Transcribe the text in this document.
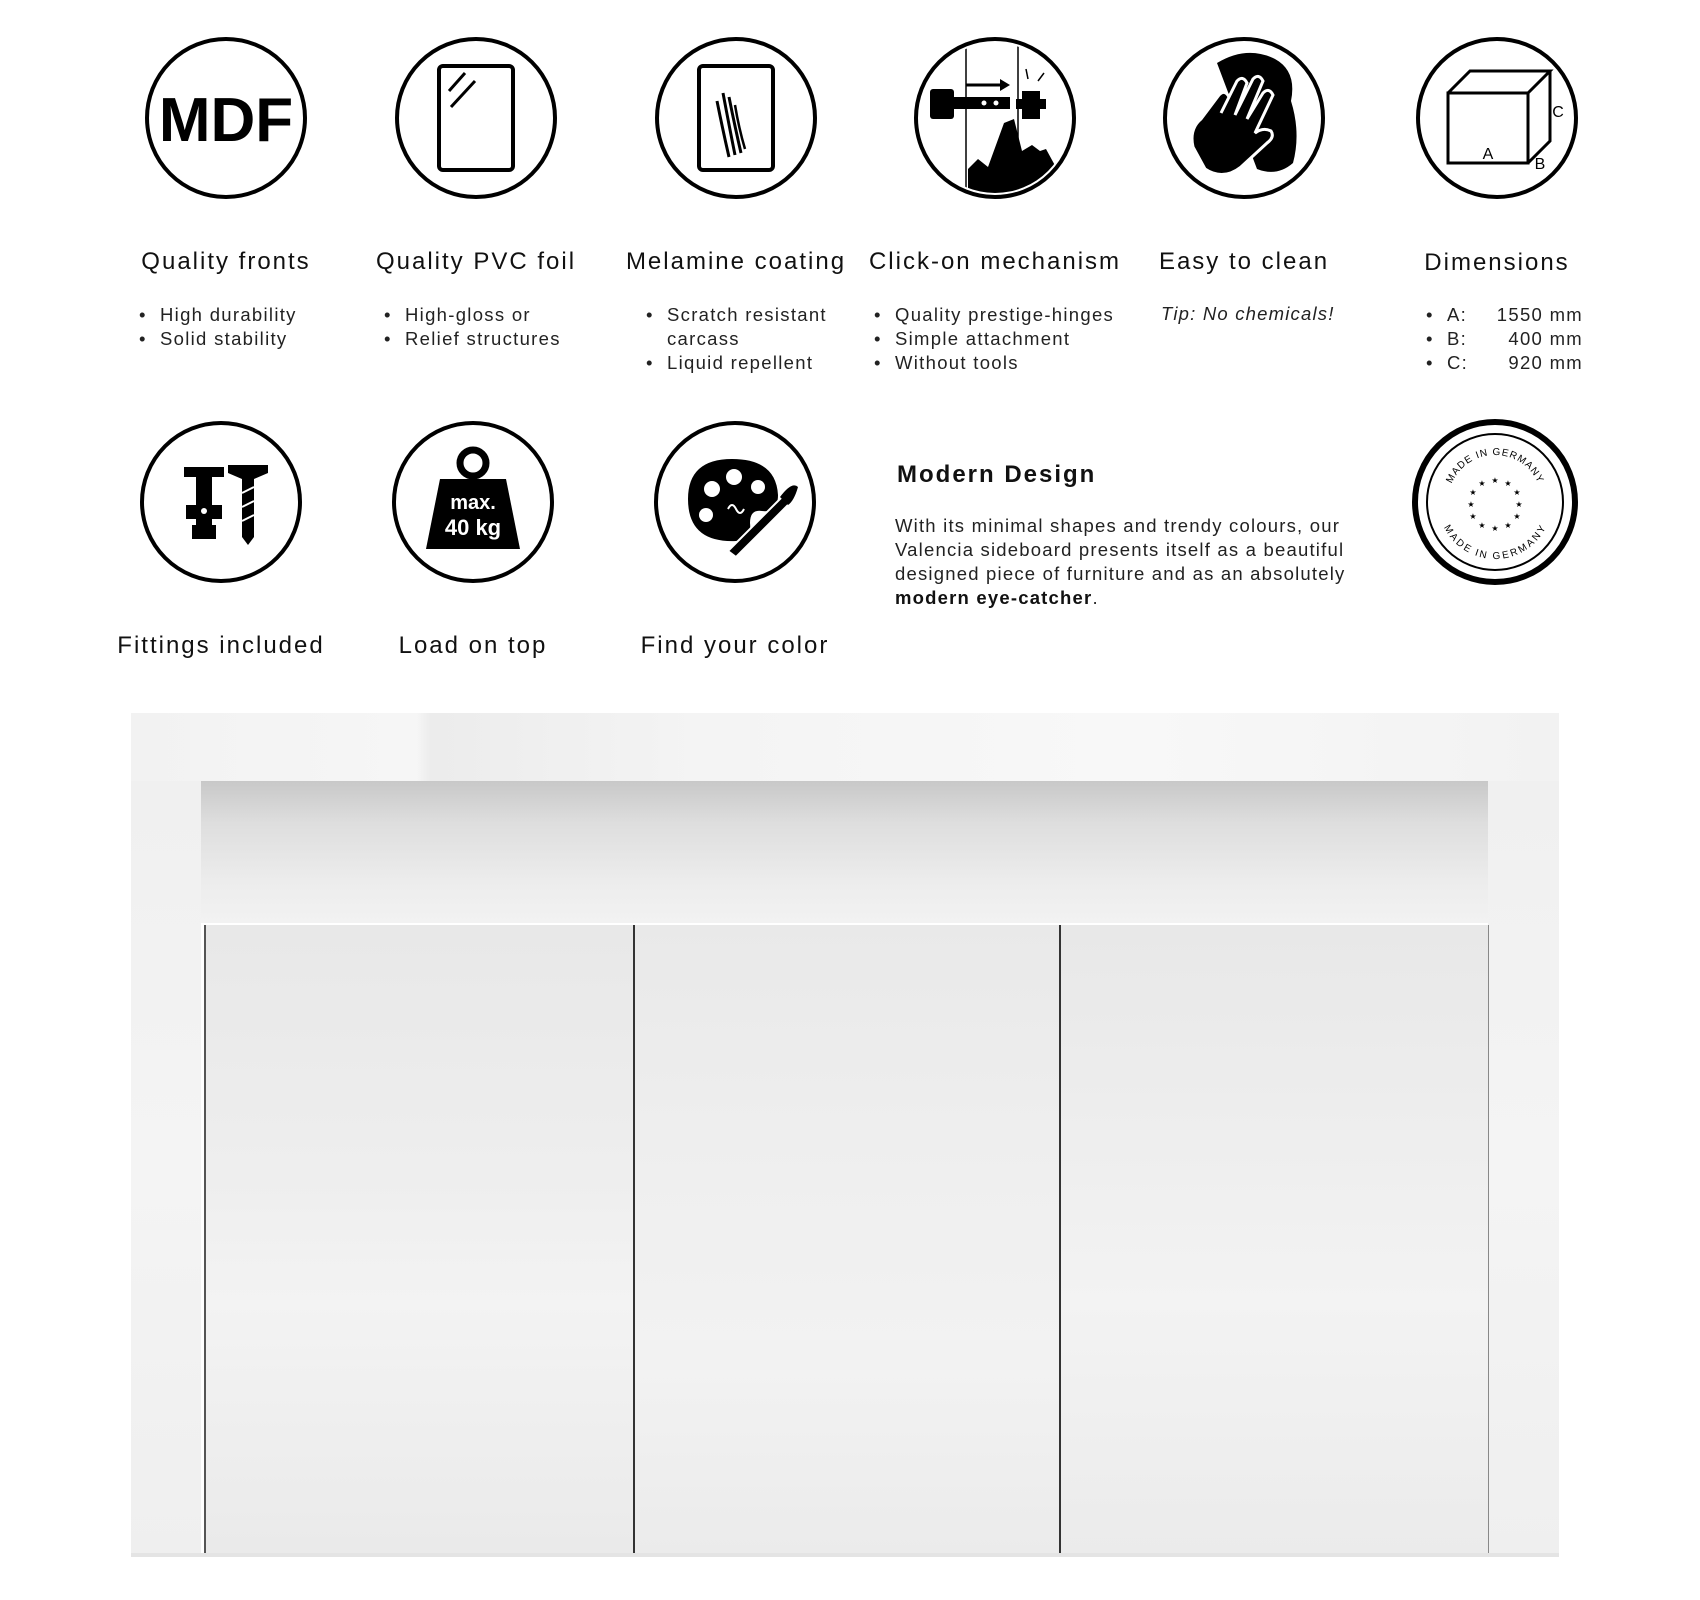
MDF	A
B
C
Quality fronts	Quality PVC foil	Melamine coating Click-on mechanism	Easy to clean	Dimensions
• High durability
• Solid stability
• High-gloss or
• Relief structures
• Scratch resistant
carcass
• Liquid repellent
• Quality prestige-hinges
• Simple attachment
• Without tools
Tip: No chemicals!
•	A:	1550 mm
• B:	400 mm
• C:	920 mm
max.
40 kg
Fittings included	Load on top	Find your color
Modern Design
With its minimal shapes and trendy colours, our Valencia sideboard presents itself as a beautiful designed piece of furniture and as an absolutely modern eye-catcher.
MADE IN GERMANY
MADE IN GERMANY
★ ★
★
★
★
★
★
★
★
★
★
★
